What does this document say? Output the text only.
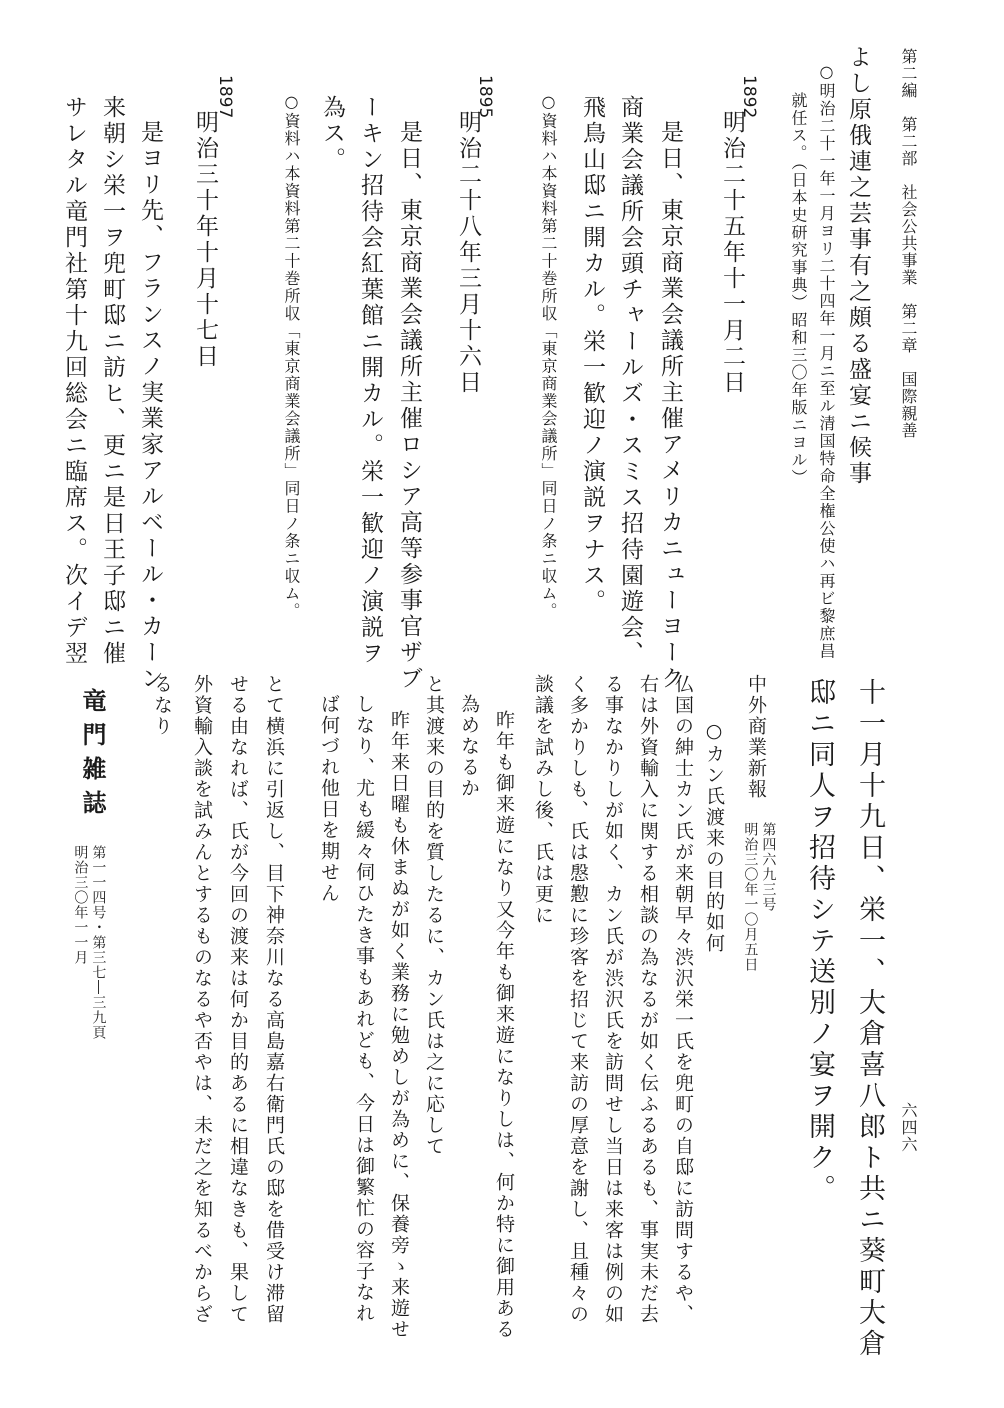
第二編　第二部　社会公共事業　第二章　国際親善
六四六

よし原俄連之芸事有之頗る盛宴ニ候事

○明治二十一年一月ヨリ二十四年一月ニ至ル清国特命全権公使ハ再ビ黎庶昌

就任ス。（日本史研究事典）昭和三〇年版ニヨル）

1892

明治二十五年十一月二日

是日、東京商業会議所主催アメリカニューヨーク

商業会議所会頭チャールズ・スミス招待園遊会、

飛鳥山邸ニ開カル。栄一歓迎ノ演説ヲナス。

○資料ハ本資料第二十巻所収「東京商業会議所」同日ノ条ニ収ム。

1895

明治二十八年三月十六日

是日、東京商業会議所主催ロシア高等参事官ザブ

ーキン招待会紅葉館ニ開カル。栄一歓迎ノ演説ヲ

為ス。

○資料ハ本資料第二十巻所収「東京商業会議所」同日ノ条ニ収ム。

1897

明治三十年十月十七日

是ヨリ先、フランスノ実業家アルベール・カーン

来朝シ栄一ヲ兜町邸ニ訪ヒ、更ニ是日王子邸ニ催

サレタル竜門社第十九回総会ニ臨席ス。次イデ翌

十一月十九日、栄一、大倉喜八郎ト共ニ葵町大倉

邸ニ同人ヲ招待シテ送別ノ宴ヲ開ク。

中外商業新報

第四六九三号

明治三〇年一〇月五日

○カン氏渡来の目的如何

仏国の紳士カン氏が来朝早々渋沢栄一氏を兜町の自邸に訪問するや、

右は外資輸入に関する相談の為なるが如く伝ふるあるも、事実未だ去

る事なかりしが如く、カン氏が渋沢氏を訪問せし当日は来客は例の如

く多かりしも、氏は慇懃に珍客を招じて来訪の厚意を謝し、且種々の

談議を試みし後、氏は更に

昨年も御来遊になり又今年も御来遊になりしは、何か特に御用ある

為めなるか

と其渡来の目的を質したるに、カン氏は之に応して

昨年来日曜も休まぬが如く業務に勉めしが為めに、保養旁ゝ来遊せ

しなり、尤も緩々伺ひたき事もあれども、今日は御繁忙の容子なれ

ば何づれ他日を期せん

とて横浜に引返し、目下神奈川なる高島嘉右衛門氏の邸を借受け滞留

せる由なれば、氏が今回の渡来は何か目的あるに相違なきも、果して

外資輸入談を試みんとするものなるや否やは、未だ之を知るべからざ

るなり

竜門雑誌

第一一四号・第三七―三九頁

明治三〇年一一月
